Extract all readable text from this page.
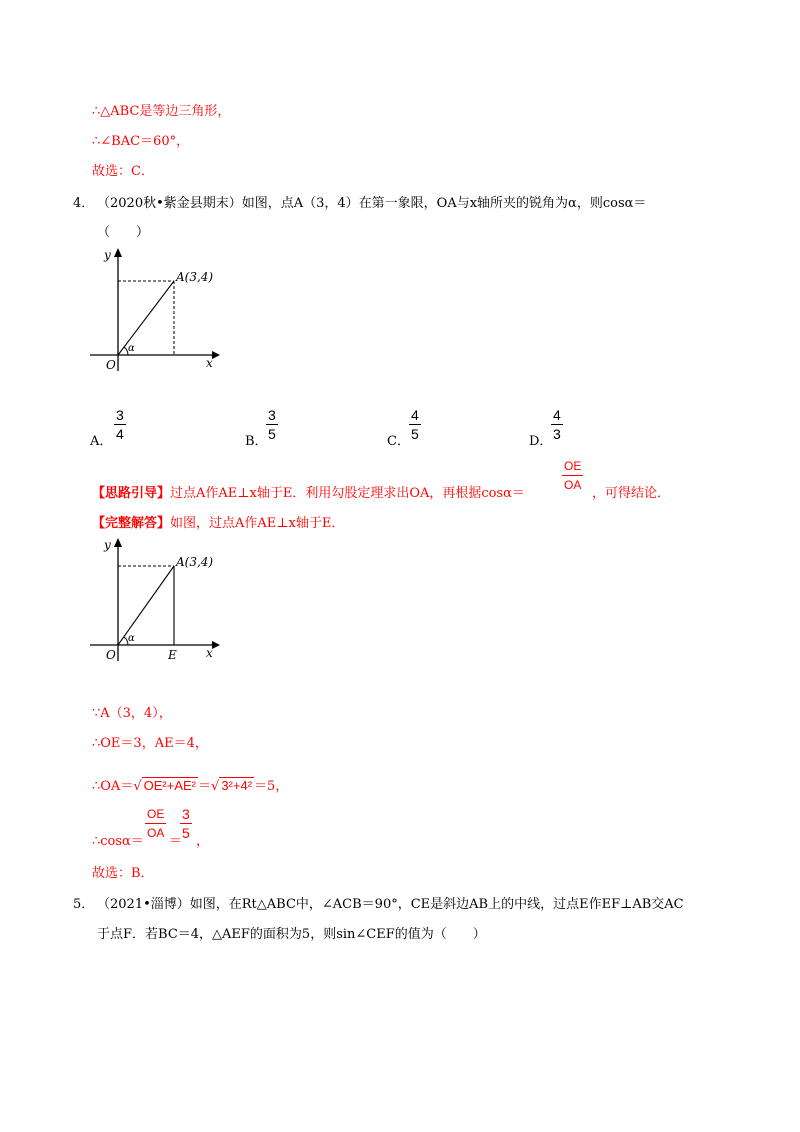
∴△ABC是等边三角形，
∴∠BAC＝60°，
故选：C．
4． （2020秋•紫金县期末）如图，点A（3，4）在第一象限，OA与x轴所夹的锐角为α，则cosα＝
（　　）
y
x
O
A(3,4)
α
A． $\frac{3}{4}$	B．
$\frac{3}{5}$	C． $\frac{4}{5}$	D．
$\frac{4}{3}$
【思路引导】过点A作AE⊥x轴于E．利用勾股定理求出OA，再根据cosα＝
$\frac{OE}{OA}$
，可得结论．
【完整解答】如图，过点A作AE⊥x轴于E．
y
x
O	E
A(3,4)
α
∵A（3，4），
∴OE＝3，AE＝4，
∴OA＝√ OE²+AE² ＝√ 3²+4² ＝5，
∴cosα＝
$\frac{OE}{OA}$
＝
$\frac{3}{5}$
，
故选：B．
5． （2021•淄博）如图，在Rt△ABC中，∠ACB＝90°，CE是斜边AB上的中线，过点E作EF⊥AB交AC
于点F．若BC＝4，△AEF的面积为5，则sin∠CEF的值为（　　）
